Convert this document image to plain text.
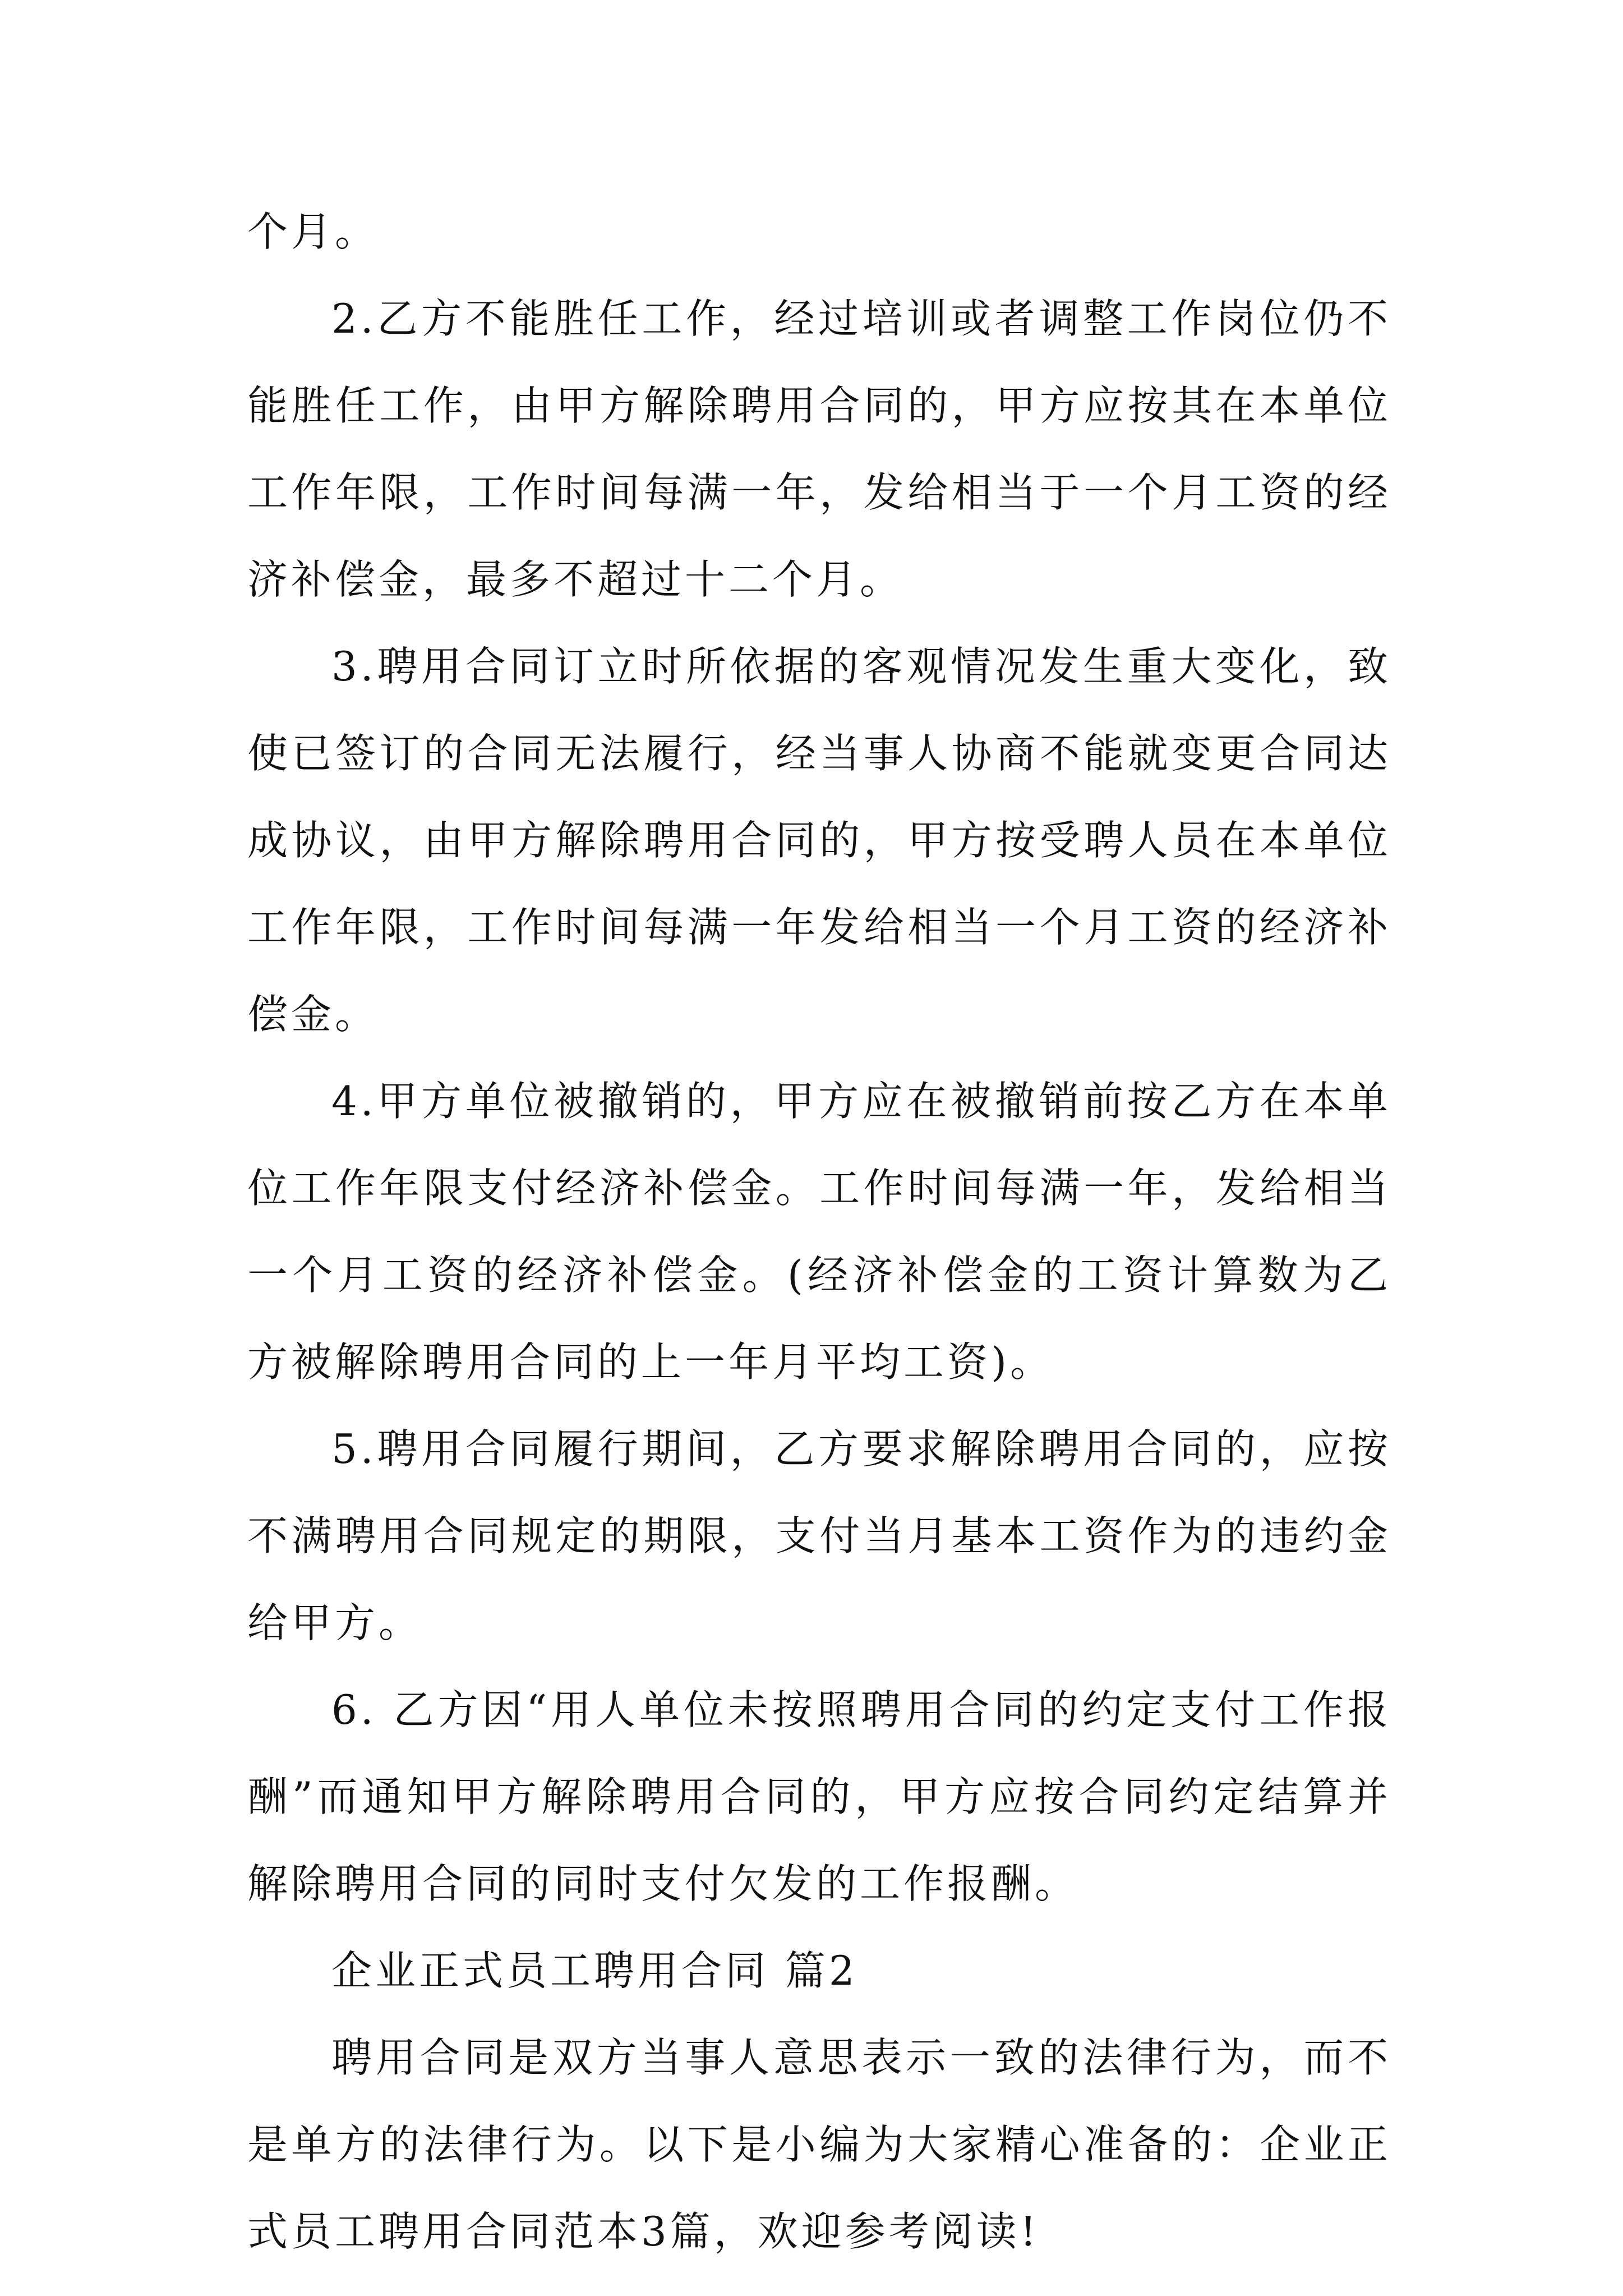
个月。

2.乙方不能胜任工作，经过培训或者调整工作岗位仍不能胜任工作，由甲方解除聘用合同的，甲方应按其在本单位工作年限，工作时间每满一年，发给相当于一个月工资的经济补偿金，最多不超过十二个月。

3.聘用合同订立时所依据的客观情况发生重大变化，致使已签订的合同无法履行，经当事人协商不能就变更合同达成协议，由甲方解除聘用合同的，甲方按受聘人员在本单位工作年限，工作时间每满一年发给相当一个月工资的经济补偿金。

4.甲方单位被撤销的，甲方应在被撤销前按乙方在本单位工作年限支付经济补偿金。工作时间每满一年，发给相当一个月工资的经济补偿金。(经济补偿金的工资计算数为乙方被解除聘用合同的上一年月平均工资)。

5.聘用合同履行期间，乙方要求解除聘用合同的，应按不满聘用合同规定的期限，支付当月基本工资作为的违约金给甲方。

6. 乙方因“用人单位未按照聘用合同的约定支付工作报酬”而通知甲方解除聘用合同的，甲方应按合同约定结算并解除聘用合同的同时支付欠发的工作报酬。

企业正式员工聘用合同 篇2

聘用合同是双方当事人意思表示一致的法律行为，而不是单方的法律行为。以下是小编为大家精心准备的：企业正式员工聘用合同范本3篇，欢迎参考阅读!
